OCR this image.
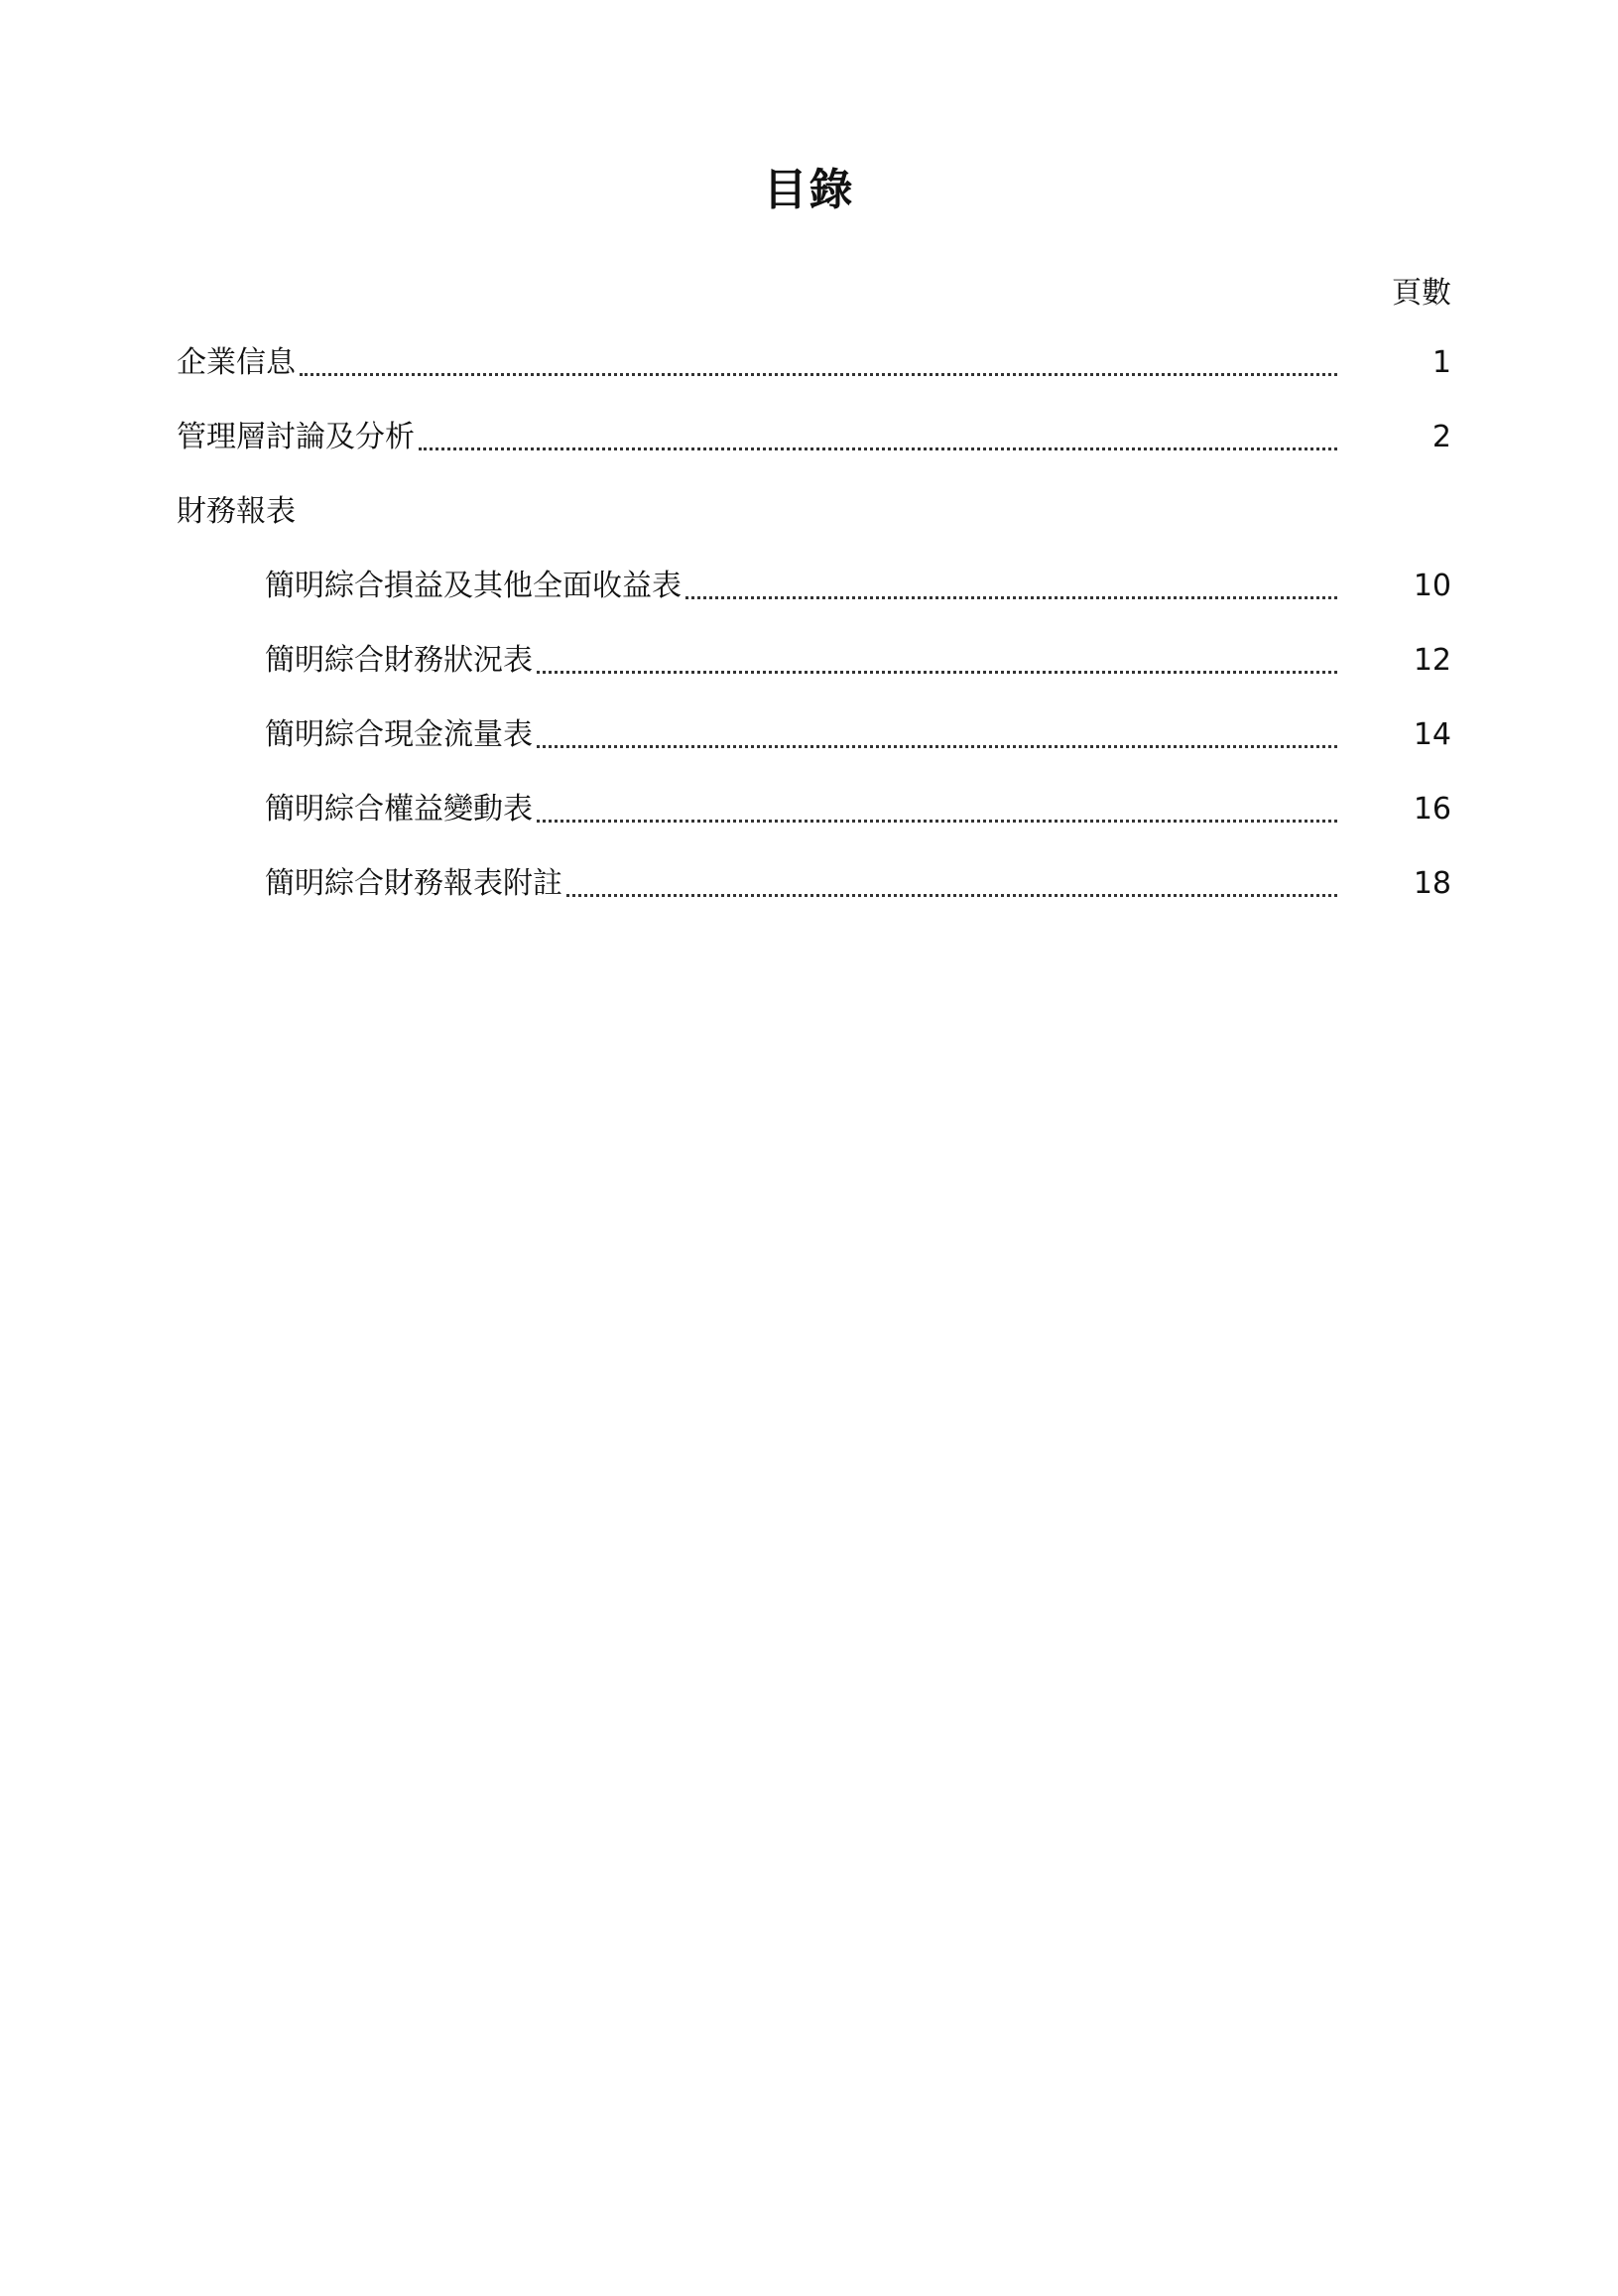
目錄
頁數
企業信息	1
管理層討論及分析	2
財務報表
簡明綜合損益及其他全面收益表	10
簡明綜合財務狀況表	12
簡明綜合現金流量表	14
簡明綜合權益變動表	16
簡明綜合財務報表附註	18
